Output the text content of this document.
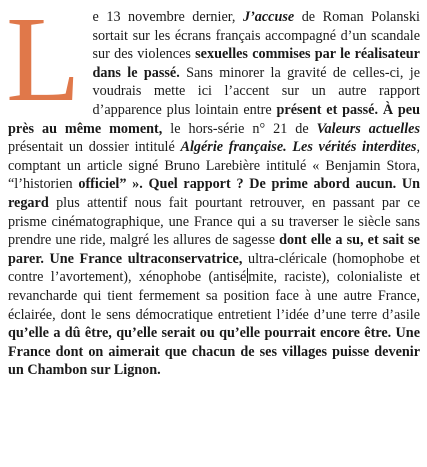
L e 13 novembre dernier, J’accuse de Roman Polanski sortait sur les écrans français accompagné d’un scandale sur des violences sexuelles commises par le réalisateur dans le passé. Sans minorer la gravité de celles-ci, je voudrais mette ici l’accent sur un autre rapport d’apparence plus lointain entre présent et passé. À peu près au même moment, le hors-série n° 21 de Valeurs actuelles présentait un dossier intitulé Algérie française. Les vérités interdites, comptant un article signé Bruno Larebière intitulé « Benjamin Stora, “l’historien officiel” ». Quel rapport ? De prime abord aucun. Un regard plus attentif nous fait pourtant retrouver, en passant par ce prisme cinématographique, une France qui a su traverser le siècle sans prendre une ride, malgré les allures de sagesse dont elle a su, et sait se parer. Une France ultraconservatrice, ultra-cléricale (homophobe et contre l’avortement), xénophobe (antisé mite, raciste), colonialiste et revancharde qui tient fermement sa position face à une autre France, éclairée, dont le sens démocratique entretient l’idée d’une terre d’asile qu’elle a dû être, qu’elle serait ou qu’elle pourrait encore être. Une France dont on aimerait que chacun de ses villages puisse devenir un Chambon sur Lignon.
